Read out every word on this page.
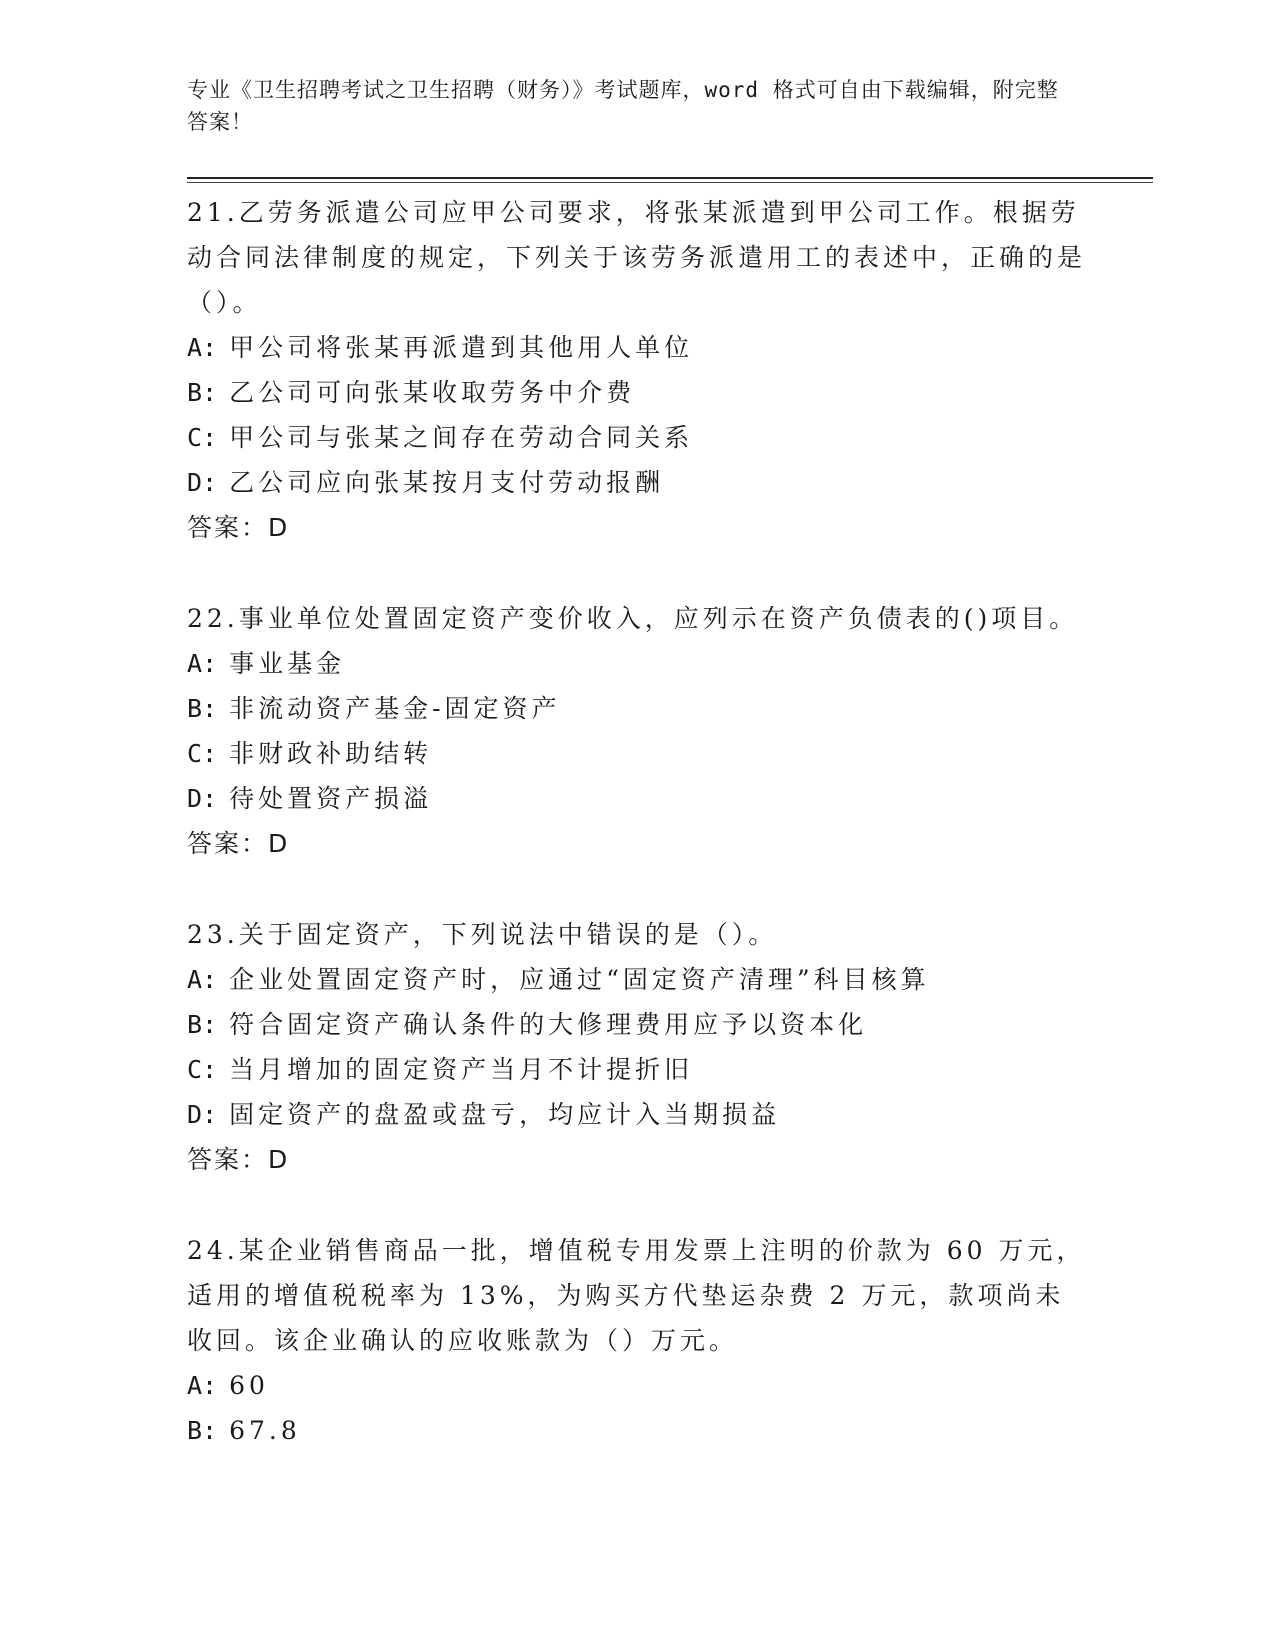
专业《卫生招聘考试之卫生招聘（财务）》考试题库，word 格式可自由下载编辑，附完整答案！

21.乙劳务派遣公司应甲公司要求，将张某派遣到甲公司工作。根据劳动合同法律制度的规定，下列关于该劳务派遣用工的表述中，正确的是（）。

A: 甲公司将张某再派遣到其他用人单位

B: 乙公司可向张某收取劳务中介费

C: 甲公司与张某之间存在劳动合同关系

D: 乙公司应向张某按月支付劳动报酬

答案：D

22.事业单位处置固定资产变价收入，应列示在资产负债表的()项目。

A: 事业基金

B: 非流动资产基金-固定资产

C: 非财政补助结转

D: 待处置资产损溢

答案：D

23.关于固定资产，下列说法中错误的是（）。

A: 企业处置固定资产时，应通过“固定资产清理”科目核算

B: 符合固定资产确认条件的大修理费用应予以资本化

C: 当月增加的固定资产当月不计提折旧

D: 固定资产的盘盈或盘亏，均应计入当期损益

答案：D

24.某企业销售商品一批，增值税专用发票上注明的价款为 60 万元，适用的增值税税率为 13%，为购买方代垫运杂费 2 万元，款项尚未收回。该企业确认的应收账款为（）万元。

A: 60

B: 67.8
